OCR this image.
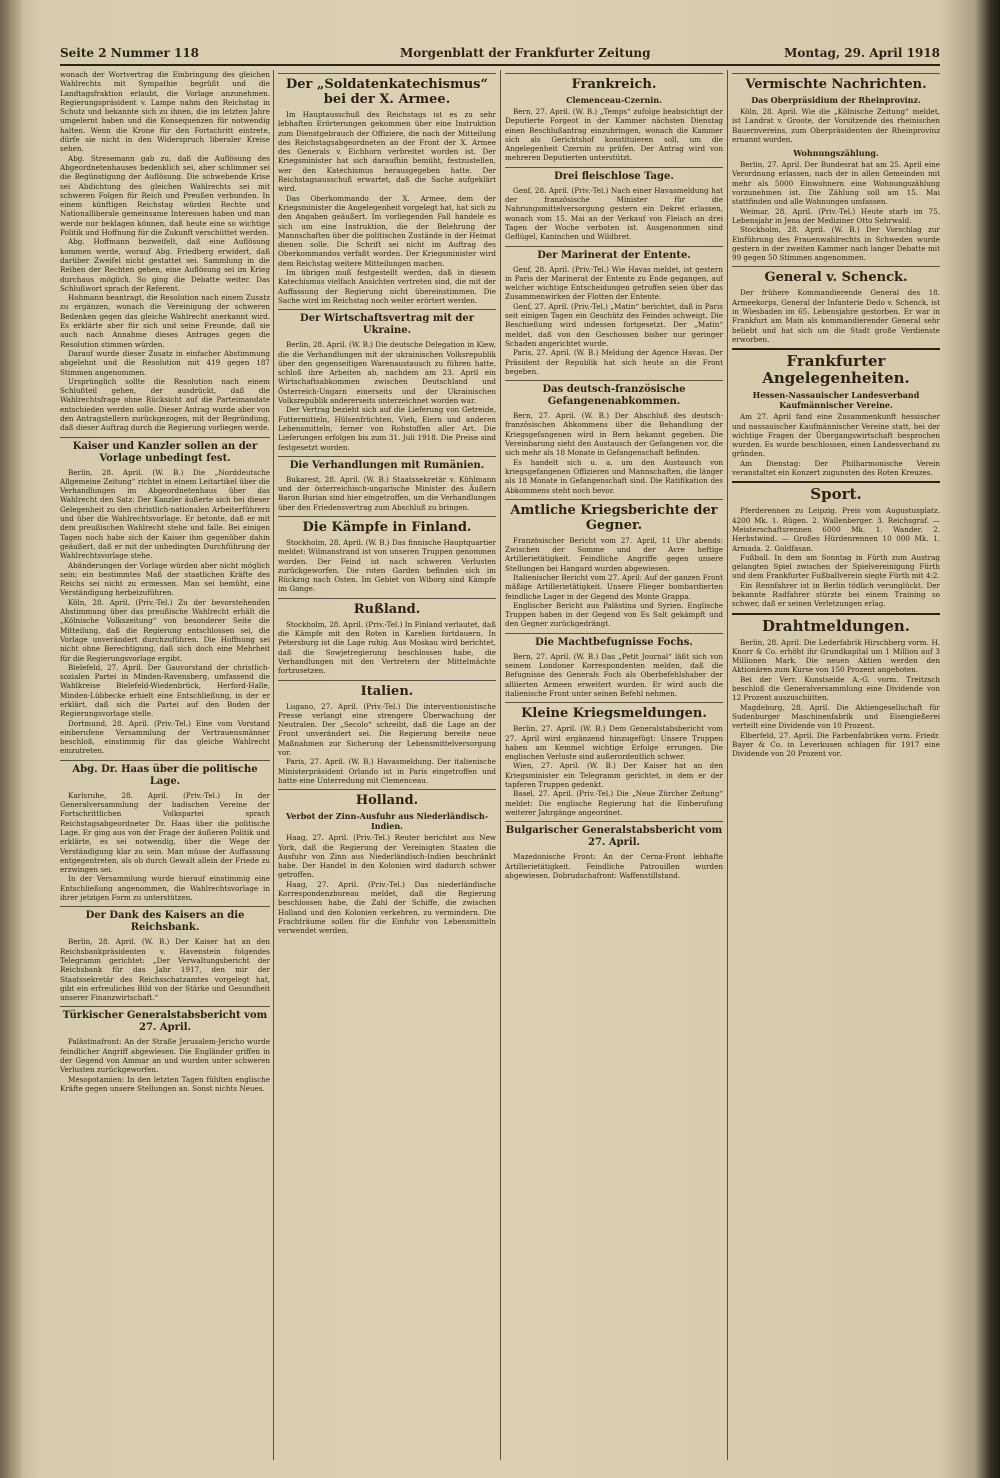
Seite 2 Nummer 118	Morgenblatt der Frankfurter Zeitung	Montag, 29. April 1918

wonach der Wortvertrag die Einbringung des gleichen Wahlrechts mit Sympathie begrüßt und die Landtagsfraktion erlaubt, die Vorlage anzunehmen. Regierungspräsident v. Lampe nahm den Reichstag in Schutz und bekannte sich zu ihnen, die im letzten Jahre umgelernt haben und die Konsequenzen für notwendig halten. Wenn die Krone für den Fortschritt eintrete, dürfe sie nicht in den Widerspruch liberaler Kreise sehen.

Abg. Stresemann gab zu, daß die Auflösung des Abgeordnetenhauses bedenklich sei, aber schlimmer sei die Begünstigung der Auflösung. Die schwebende Krise sei Abdichtung des gleichen Wahlrechts sei mit schweren Folgen für Reich und Preußen verbunden. In einem künftigen Reichstag würden Rechte und Nationalliberale gemeinsame Interessen haben und man werde nur beklagen können, daß heute eine so wichtige Politik und Hoffnung für die Zukunft verschüttet werden.

Abg. Hoffmann bezweifelt, daß eine Auflösung kommen werde, worauf Abg. Friedberg erwidert, daß darüber Zweifel nicht gestattet sei. Sammlung in die Reihen der Rechten gehen, eine Auflösung sei im Krieg durchaus möglich. So ging die Debatte weiter. Das Schlußwort sprach der Referent.

Hohmann beantragt, die Resolution nach einem Zusatz zu ergänzen, wonach die Vereinigung der schweren Bedenken gegen das gleiche Wahlrecht anerkannt wird. Es erklärte aber für sich und seine Freunde, daß sie auch nach Annahme dieses Antrages gegen die Resolution stimmen würden.

Darauf wurde dieser Zusatz in einfacher Abstimmung abgelehnt und die Resolution mit 419 gegen 187 Stimmen angenommen.

Ursprünglich sollte die Resolution nach einem Schlußteil gehen, der ausdrückt, daß die Wahlrechtsfrage ohne Rücksicht auf die Parteimandate entschieden werden solle. Dieser Antrag wurde aber von den Antragstellern zurückgezogen, mit der Begründung, daß dieser Auftrag durch die Regierung vorliegen werde.

Kaiser und Kanzler sollen an der Vorlage unbedingt fest.

Berlin, 28. April. (W. B.) Die „Norddeutsche Allgemeine Zeitung“ richtet in einem Leitartikel über die Verhandlungen im Abgeordnetenhaus über das Wahlrecht den Satz: Der Kanzler äußerte sich bei dieser Gelegenheit zu den christlich-nationalen Arbeiterführern und über die Wahlrechtsvorlage. Er betonte, daß er mit dem preußischen Wahlrecht stehe und falle. Bei einigen Tagen noch habe sich der Kaiser ihm gegenüber dahin geäußert, daß er mit der unbedingten Durchführung der Wahlrechtsvorlage stehe.

Abänderungen der Vorlage würden aber nicht möglich sein; ein bestimmtes Maß der staatlichen Kräfte des Reichs sei nicht zu ermessen. Man sei bemüht, eine Verständigung herbeizuführen.

Köln, 28. April. (Priv.-Tel.) Zu der bevorstehenden Abstimmung über das preußische Wahlrecht erhält die „Kölnische Volkszeitung“ von besonderer Seite die Mitteilung, daß die Regierung entschlossen sei, die Vorlage unverändert durchzuführen. Die Hoffnung sei nicht ohne Berechtigung, daß sich doch eine Mehrheit für die Regierungsvorlage ergibt.

Bielefeld, 27. April. Der Gauvorstand der christlich-sozialen Partei in Minden-Ravensberg, umfassend die Wahlkreise Bielefeld-Wiedenbrück, Herford-Halle, Minden-Lübbecke erhielt eine Entschließung, in der er erklärt, daß sich die Partei auf den Boden der Regierungsvorlage stelle.

Dortmund, 28. April. (Priv.-Tel.) Eine vom Vorstand einberufene Versammlung der Vertrauensmänner beschloß, einstimmig für das gleiche Wahlrecht einzutreten.

Abg. Dr. Haas über die politische Lage.

Karlsruhe, 28. April. (Priv.-Tel.) In der Generalversammlung der badischen Vereine der Fortschrittlichen Volkspartei sprach Reichstagsabgeordneter Dr. Haas über die politische Lage. Er ging aus von der Frage der äußeren Politik und erklärte, es sei notwendig, über die Wege der Verständigung klar zu sein. Man müsse der Auffassung entgegentreten, als ob durch Gewalt allein der Friede zu erzwingen sei.

In der Versammlung wurde hierauf einstimmig eine Entschließung angenommen, die Wahlrechtsvorlage in ihrer jetzigen Form zu unterstützen.

Der Dank des Kaisers an die Reichsbank.

Berlin, 28. April. (W. B.) Der Kaiser hat an den Reichsbankpräsidenten v. Havenstein folgendes Telegramm gerichtet: „Der Verwaltungsbericht der Reichsbank für das Jahr 1917, den mir der Staatssekretär des Reichsschatzamtes vorgelegt hat, gibt ein erfreuliches Bild von der Stärke und Gesundheit unserer Finanzwirtschaft.“

Türkischer Generalstabsbericht vom 27. April.

Palästinafront: An der Straße Jerusalem-Jericho wurde feindlicher Angriff abgewiesen. Die Engländer griffen in der Gegend von Ammar an und wurden unter schweren Verlusten zurückgeworfen.

Mesopotamien: In den letzten Tagen fühlten englische Kräfte gegen unsere Stellungen an. Sonst nichts Neues.

Der „Soldatenkatechismus“ bei der X. Armee.

Im Hauptausschuß des Reichstags ist es zu sehr lebhaften Erörterungen gekommen über eine Instruktion zum Dienstgebrauch der Offiziere, die nach der Mitteilung des Reichstagsabgeordneten an der Front der X. Armee des Generals v. Eichhorn verbreitet worden ist. Der Kriegsminister hat sich daraufhin bemüht, festzustellen, wer den Katechismus herausgegeben hatte. Der Reichstagsausschuß erwartet, daß die Sache aufgeklärt wird.

Das Oberkommando der X. Armee, dem der Kriegsminister die Angelegenheit vorgelegt hat, hat sich zu den Angaben geäußert. Im vorliegenden Fall handele es sich um eine Instruktion, die der Belehrung der Mannschaften über die politischen Zustände in der Heimat dienen solle. Die Schrift sei nicht im Auftrag des Oberkommandos verfaßt worden. Der Kriegsminister wird dem Reichstag weitere Mitteilungen machen.

Im übrigen muß festgestellt werden, daß in diesem Katechismus vielfach Ansichten vertreten sind, die mit der Auffassung der Regierung nicht übereinstimmen. Die Sache wird im Reichstag noch weiter erörtert werden.

Der Wirtschaftsvertrag mit der Ukraine.

Berlin, 28. April. (W. B.) Die deutsche Delegation in Kiew, die die Verhandlungen mit der ukrainischen Volksrepublik über den gegenseitigen Warenaustausch zu führen hatte, schloß ihre Arbeiten ab, nachdem am 23. April ein Wirtschaftsabkommen zwischen Deutschland und Österreich-Ungarn einerseits und der Ukrainischen Volksrepublik andererseits unterzeichnet worden war.

Der Vertrag bezieht sich auf die Lieferung von Getreide, Futtermitteln, Hülsenfrüchten, Vieh, Eiern und anderen Lebensmitteln, ferner von Rohstoffen aller Art. Die Lieferungen erfolgen bis zum 31. Juli 1918. Die Preise sind festgesetzt worden.

Die Verhandlungen mit Rumänien.

Bukarest, 28. April. (W. B.) Staatssekretär v. Kühlmann und der österreichisch-ungarische Minister des Äußern Baron Burian sind hier eingetroffen, um die Verhandlungen über den Friedensvertrag zum Abschluß zu bringen.

Die Kämpfe in Finland.

Stockholm, 28. April. (W. B.) Das finnische Hauptquartier meldet: Wilmanstrand ist von unseren Truppen genommen worden. Der Feind ist nach schweren Verlusten zurückgeworfen. Die roten Garden befinden sich im Rückzug nach Osten. Im Gebiet von Wiborg sind Kämpfe im Gange.

Rußland.

Stockholm, 28. April. (Priv.-Tel.) In Finland verlautet, daß die Kämpfe mit den Roten in Karelien fortdauern. In Petersburg ist die Lage ruhig. Aus Moskau wird berichtet, daß die Sowjetregierung beschlossen habe, die Verhandlungen mit den Vertretern der Mittelmächte fortzusetzen.

Italien.

Lugano, 27. April. (Priv.-Tel.) Die interventionistische Presse verlangt eine strengere Überwachung der Neutralen. Der „Secolo“ schreibt, daß die Lage an der Front unverändert sei. Die Regierung bereite neue Maßnahmen zur Sicherung der Lebensmittelversorgung vor.

Paris, 27. April. (W. B.) Havasmeldung. Der italienische Ministerpräsident Orlando ist in Paris eingetroffen und hatte eine Unterredung mit Clemenceau.

Holland.
Verbot der Zinn-Ausfuhr aus Niederländisch-Indien.

Haag, 27. April. (Priv.-Tel.) Reuter berichtet aus New York, daß die Regierung der Vereinigten Staaten die Ausfuhr von Zinn aus Niederländisch-Indien beschränkt habe. Der Handel in den Kolonien wird dadurch schwer getroffen.

Haag, 27. April. (Priv.-Tel.) Das niederländische Korrespondenzbureau meldet, daß die Regierung beschlossen habe, die Zahl der Schiffe, die zwischen Holland und den Kolonien verkehren, zu vermindern. Die Frachträume sollen für die Einfuhr von Lebensmitteln verwendet werden.

Frankreich.
Clemenceau-Czernin.

Bern, 27. April. (W. B.) „Temps“ zufolge beabsichtigt der Deputierte Forgeot in der Kammer nächsten Dienstag einen Beschlußantrag einzubringen, wonach die Kammer sich als Gerichtshof konstituieren soll, um die Angelegenheit Czernin zu prüfen. Der Antrag wird von mehreren Deputierten unterstützt.

Drei fleischlose Tage.

Genf, 28. April. (Priv.-Tel.) Nach einer Havasmeldung hat der französische Minister für die Nahrungsmittelversorgung gestern ein Dekret erlassen, wonach vom 15. Mai an der Verkauf von Fleisch an drei Tagen der Woche verboten ist. Ausgenommen sind Geflügel, Kaninchen und Wildbret.

Der Marinerat der Entente.

Genf, 28. April. (Priv.-Tel.) Wie Havas meldet, ist gestern in Paris der Marinerat der Entente zu Ende gegangen, auf welcher wichtige Entscheidungen getroffen seien über das Zusammenwirken der Flotten der Entente.

Genf, 27. April. (Priv.-Tel.) „Matin“ berichtet, daß in Paris seit einigen Tagen ein Geschütz des Feindes schweigt. Die Beschießung wird indessen fortgesetzt. Der „Matin“ meldet, daß von den Geschossen bisher nur geringer Schaden angerichtet wurde.

Paris, 27. April. (W. B.) Meldung der Agence Havas. Der Präsident der Republik hat sich heute an die Front begeben.

Das deutsch-französische Gefangenenabkommen.

Bern, 27. April. (W. B.) Der Abschluß des deutsch-französischen Abkommens über die Behandlung der Kriegsgefangenen wird in Bern bekannt gegeben. Die Vereinbarung sieht den Austausch der Gefangenen vor, die sich mehr als 18 Monate in Gefangenschaft befinden.

Es handelt sich u. a. um den Austausch von kriegsgefangenen Offizieren und Mannschaften, die länger als 18 Monate in Gefangenschaft sind. Die Ratifikation des Abkommens steht noch bevor.

Amtliche Kriegsberichte der Gegner.

Französischer Bericht vom 27. April, 11 Uhr abends: Zwischen der Somme und der Avre heftige Artillerietätigkeit. Feindliche Angriffe gegen unsere Stellungen bei Hangard wurden abgewiesen.

Italienischer Bericht vom 27. April: Auf der ganzen Front mäßige Artillerietätigkeit. Unsere Flieger bombardierten feindliche Lager in der Gegend des Monte Grappa.

Englischer Bericht aus Palästina und Syrien. Englische Truppen haben in der Gegend von Es Salt gekämpft und den Gegner zurückgedrängt.

Die Machtbefugnisse Fochs.

Bern, 27. April. (W. B.) Das „Petit Journal“ läßt sich von seinem Londoner Korrespondenten melden, daß die Befugnisse des Generals Foch als Oberbefehlshaber der alliierten Armeen erweitert wurden. Er wird auch die italienische Front unter seinen Befehl nehmen.

Kleine Kriegsmeldungen.

Berlin, 27. April. (W. B.) Dem Generalstabsbericht vom 27. April wird ergänzend hinzugefügt: Unsere Truppen haben am Kemmel wichtige Erfolge errungen. Die englischen Verluste sind außerordentlich schwer.

Wien, 27. April. (W. B.) Der Kaiser hat an den Kriegsminister ein Telegramm gerichtet, in dem er der tapferen Truppen gedenkt.

Basel, 27. April. (Priv.-Tel.) Die „Neue Zürcher Zeitung“ meldet: Die englische Regierung hat die Einberufung weiterer Jahrgänge angeordnet.

Bulgarischer Generalstabsbericht vom 27. April.

Mazedonische Front: An der Cerna-Front lebhafte Artillerietätigkeit. Feindliche Patrouillen wurden abgewiesen. Dobrudschafront: Waffenstillstand.

Vermischte Nachrichten.
Das Oberpräsidium der Rheinprovinz.

Köln, 28. April. Wie die „Kölnische Zeitung“ meldet, ist Landrat v. Groote, der Vorsitzende des rheinischen Bauernvereins, zum Oberpräsidenten der Rheinprovinz ernannt worden.

Wohnungszählung.

Berlin, 27. April. Der Bundesrat hat am 25. April eine Verordnung erlassen, nach der in allen Gemeinden mit mehr als 5000 Einwohnern eine Wohnungszählung vorzunehmen ist. Die Zählung soll am 15. Mai stattfinden und alle Wohnungen umfassen.

Weimar, 28. April. (Priv.-Tel.) Heute starb im 75. Lebensjahr in Jena der Mediziner Otto Sehrwald.

Stockholm, 28. April. (W. B.) Der Vorschlag zur Einführung des Frauenwahlrechts in Schweden wurde gestern in der zweiten Kammer nach langer Debatte mit 99 gegen 50 Stimmen angenommen.

General v. Schenck.

Der frühere Kommandierende General des 18. Armeekorps, General der Infanterie Dedo v. Schenck, ist in Wiesbaden im 65. Lebensjahre gestorben. Er war in Frankfurt am Main als kommandierender General sehr beliebt und hat sich um die Stadt große Verdienste erworben.

Frankfurter Angelegenheiten.
Hessen-Nassauischer Landesverband Kaufmännischer Vereine.

Am 27. April fand eine Zusammenkunft hessischer und nassauischer Kaufmännischer Vereine statt, bei der wichtige Fragen der Übergangswirtschaft besprochen wurden. Es wurde beschlossen, einen Landesverband zu gründen.

Am Dienstag: Der Philharmonische Verein veranstaltet ein Konzert zugunsten des Roten Kreuzes.

Sport.

Pferderennen zu Leipzig. Preis vom Augustusplatz. 4200 Mk. 1. Rügen. 2. Wallenberger. 3. Reichsgraf. — Meisterschaftsrennen 6000 Mk. 1. Wander. 2. Herbstwind. — Großes Hürdenrennen 10 000 Mk. 1. Armada. 2. Goldfasan.

Fußball. In dem am Sonntag in Fürth zum Austrag gelangten Spiel zwischen der Spielvereinigung Fürth und dem Frankfurter Fußballverein siegte Fürth mit 4:2.

Ein Rennfahrer ist in Berlin tödlich verunglückt. Der bekannte Radfahrer stürzte bei einem Training so schwer, daß er seinen Verletzungen erlag.

Drahtmeldungen.

Berlin, 28. April. Die Lederfabrik Hirschberg vorm. H. Knorr & Co. erhöht ihr Grundkapital um 1 Million auf 3 Millionen Mark. Die neuen Aktien werden den Aktionären zum Kurse von 150 Prozent angeboten.

Bei der Verr. Kunstseide A.-G. vorm. Treitzsch beschloß die Generalversammlung eine Dividende von 12 Prozent auszuschütten.

Magdeburg, 28. April. Die Aktiengesellschaft für Sudenburger Maschinenfabrik und Eisengießerei verteilt eine Dividende von 10 Prozent.

Elberfeld, 27. April. Die Farbenfabriken vorm. Friedr. Bayer & Co. in Leverkusen schlagen für 1917 eine Dividende von 20 Prozent vor.
